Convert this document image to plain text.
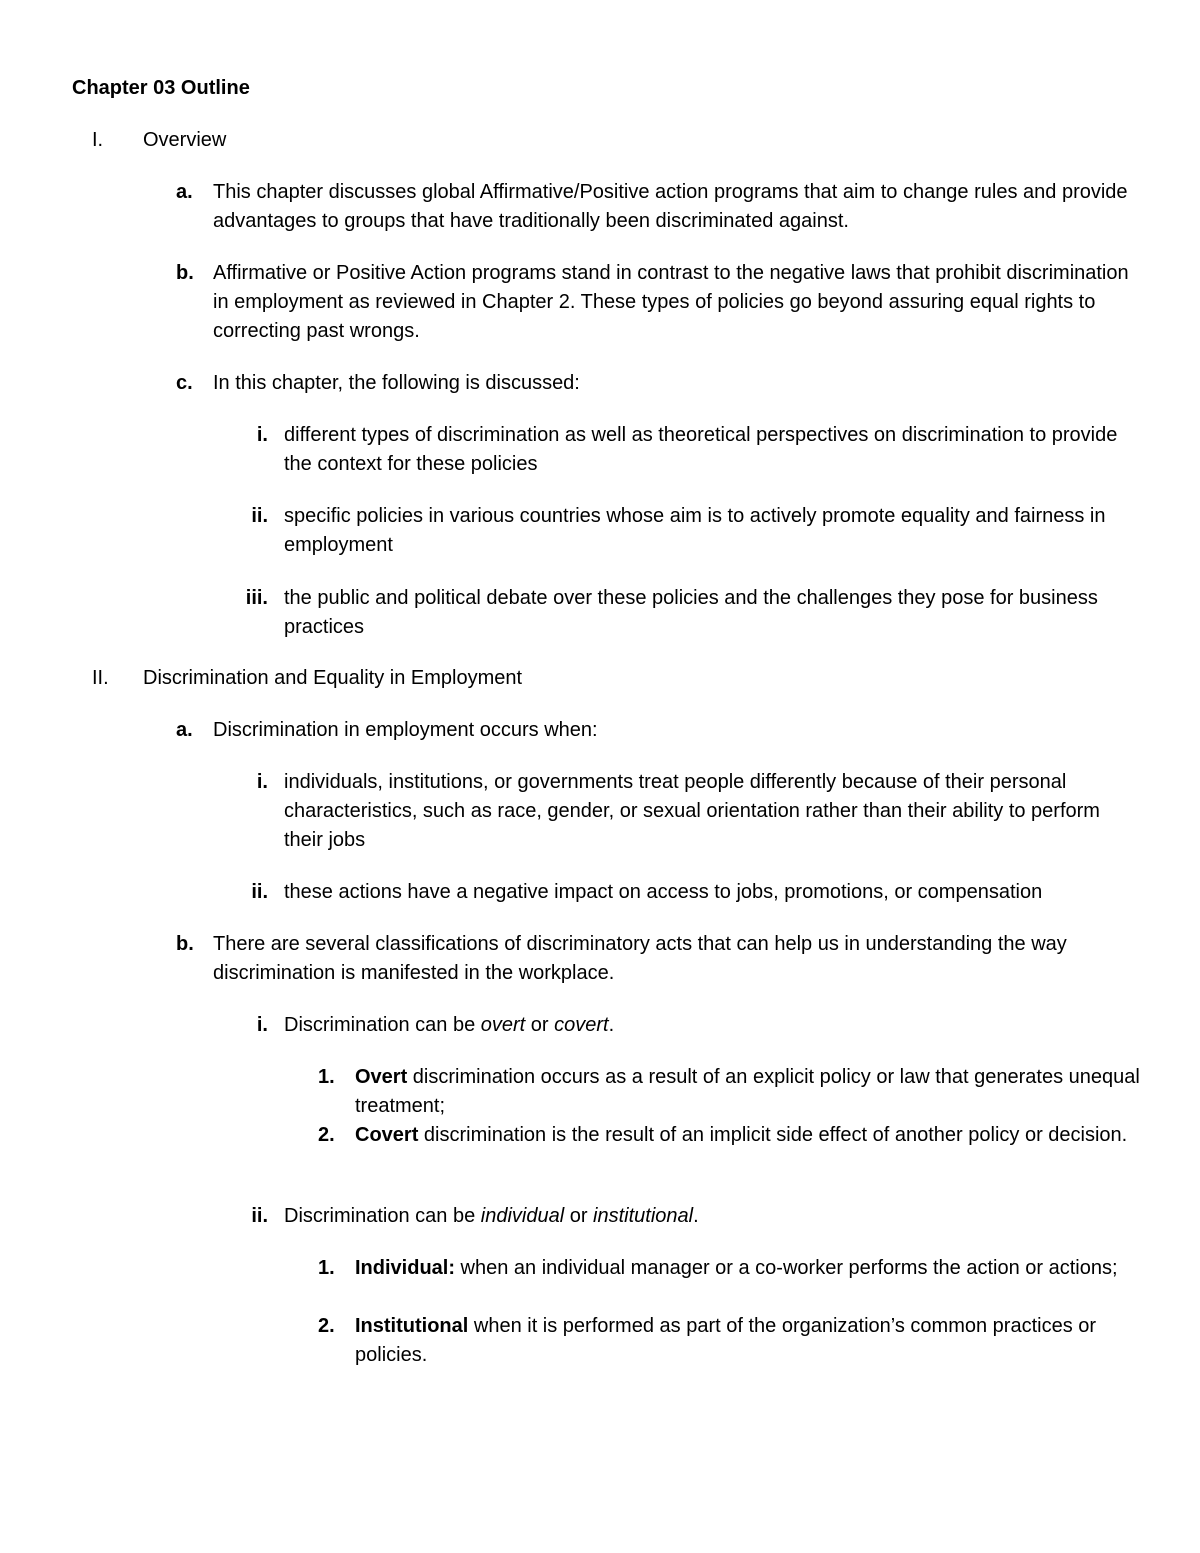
Chapter 03 Outline
I. Overview
a. This chapter discusses global Affirmative/Positive action programs that aim to change rules and provide advantages to groups that have traditionally been discriminated against.
b. Affirmative or Positive Action programs stand in contrast to the negative laws that prohibit discrimination in employment as reviewed in Chapter 2. These types of policies go beyond assuring equal rights to correcting past wrongs.
c. In this chapter, the following is discussed:
i. different types of discrimination as well as theoretical perspectives on discrimination to provide the context for these policies
ii. specific policies in various countries whose aim is to actively promote equality and fairness in employment
iii. the public and political debate over these policies and the challenges they pose for business practices
II. Discrimination and Equality in Employment
a. Discrimination in employment occurs when:
i. individuals, institutions, or governments treat people differently because of their personal characteristics, such as race, gender, or sexual orientation rather than their ability to perform their jobs
ii. these actions have a negative impact on access to jobs, promotions, or compensation
b. There are several classifications of discriminatory acts that can help us in understanding the way discrimination is manifested in the workplace.
i. Discrimination can be overt or covert.
1. Overt discrimination occurs as a result of an explicit policy or law that generates unequal treatment;
2. Covert discrimination is the result of an implicit side effect of another policy or decision.
ii. Discrimination can be individual or institutional.
1. Individual: when an individual manager or a co-worker performs the action or actions;
2. Institutional when it is performed as part of the organization’s common practices or policies.
